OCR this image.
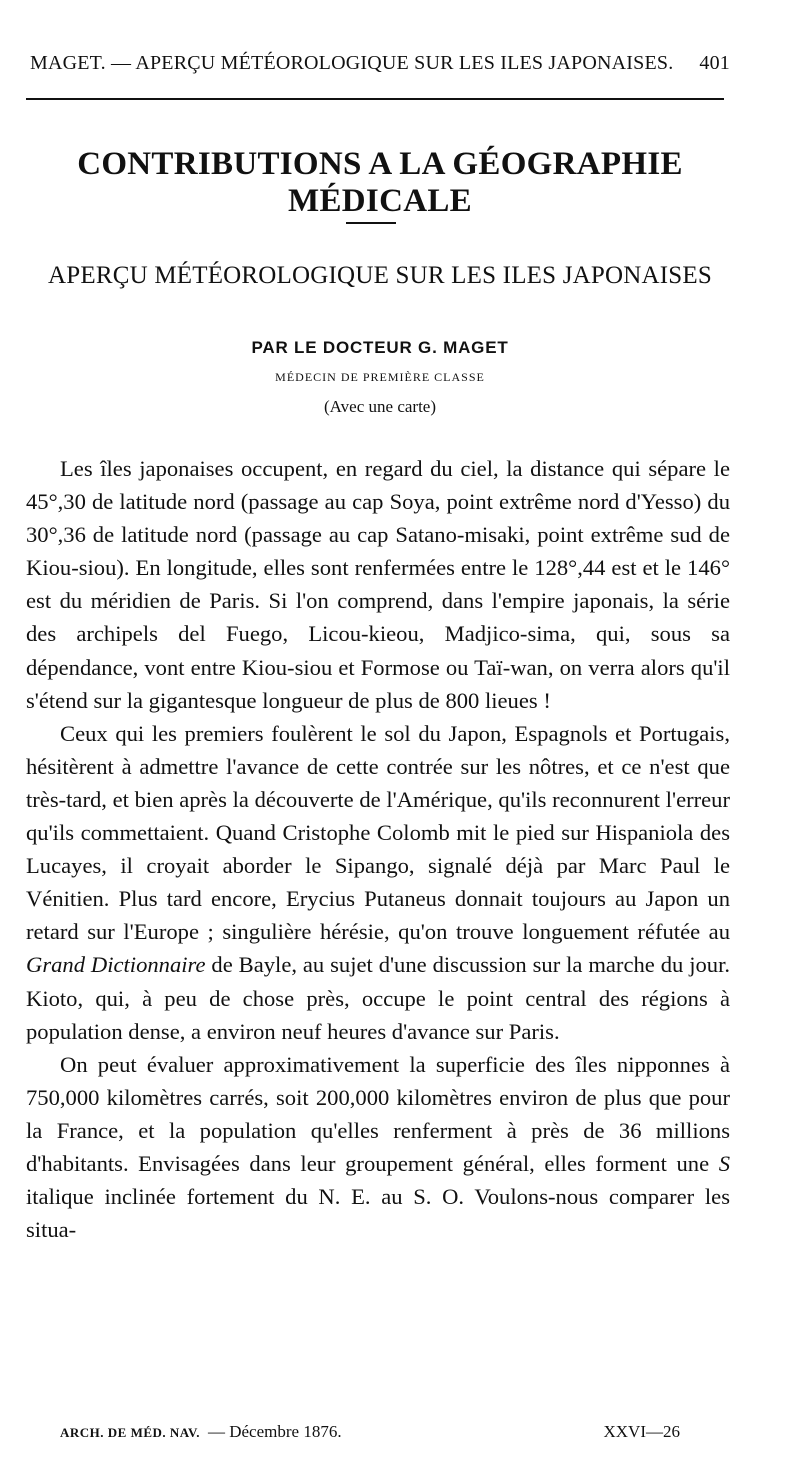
MAGET. — APERÇU MÉTÉOROLOGIQUE SUR LES ILES JAPONAISES. 401
CONTRIBUTIONS A LA GÉOGRAPHIE MÉDICALE
APERÇU MÉTÉOROLOGIQUE SUR LES ILES JAPONAISES
PAR LE DOCTEUR G. MAGET
MÉDECIN DE PREMIÈRE CLASSE
(Avec une carte)

Les îles japonaises occupent, en regard du ciel, la distance qui sépare le 45°,30 de latitude nord (passage au cap Soya, point extrême nord d'Yesso) du 30°,36 de latitude nord (passage au cap Satano-misaki, point extrême sud de Kiou-siou). En longitude, elles sont renfermées entre le 128°,44 est et le 146° est du méridien de Paris. Si l'on comprend, dans l'empire japonais, la série des archipels del Fuego, Licou-kieou, Madjico-sima, qui, sous sa dépendance, vont entre Kiou-siou et Formose ou Taï-wan, on verra alors qu'il s'étend sur la gigantesque longueur de plus de 800 lieues !

Ceux qui les premiers foulèrent le sol du Japon, Espagnols et Portugais, hésitèrent à admettre l'avance de cette contrée sur les nôtres, et ce n'est que très-tard, et bien après la découverte de l'Amérique, qu'ils reconnurent l'erreur qu'ils commettaient. Quand Cristophe Colomb mit le pied sur Hispaniola des Lucayes, il croyait aborder le Sipango, signalé déjà par Marc Paul le Vénitien. Plus tard encore, Erycius Putaneus donnait toujours au Japon un retard sur l'Europe ; singulière hérésie, qu'on trouve longuement réfutée au Grand Dictionnaire de Bayle, au sujet d'une discussion sur la marche du jour. Kioto, qui, à peu de chose près, occupe le point central des régions à population dense, a environ neuf heures d'avance sur Paris.

On peut évaluer approximativement la superficie des îles nipponnes à 750,000 kilomètres carrés, soit 200,000 kilomètres environ de plus que pour la France, et la population qu'elles renferment à près de 36 millions d'habitants. Envisagées dans leur groupement général, elles forment une S italique inclinée fortement du N. E. au S. O. Voulons-nous comparer les situa-

ARCH. DE MÉD. NAV. — Décembre 1876.	XXVI—26
